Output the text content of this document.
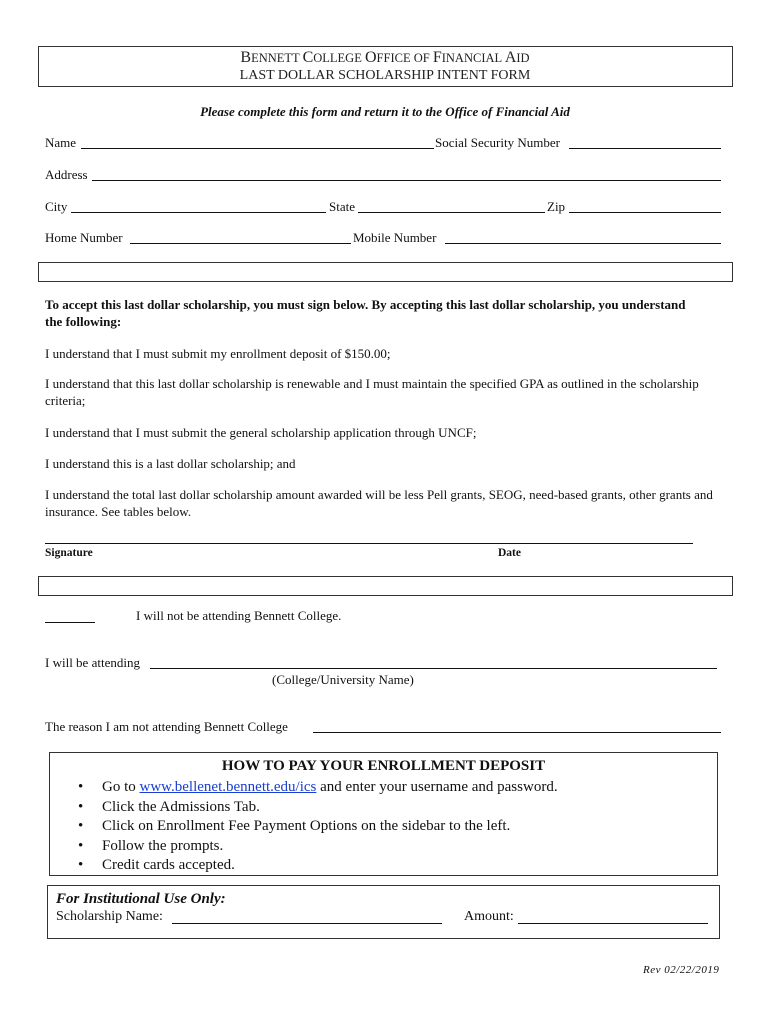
BENNETT COLLEGE OFFICE OF FINANCIAL AID
LAST DOLLAR SCHOLARSHIP INTENT FORM
Please complete this form and return it to the Office of Financial Aid
Name	Social Security Number
Address
City	State	Zip
Home Number	Mobile Number
To accept this last dollar scholarship, you must sign below. By accepting this last dollar scholarship, you understand the following:
I understand that I must submit my enrollment deposit of $150.00;
I understand that this last dollar scholarship is renewable and I must maintain the specified GPA as outlined in the scholarship criteria;
I understand that I must submit the general scholarship application through UNCF;
I understand this is a last dollar scholarship; and
I understand the total last dollar scholarship amount awarded will be less Pell grants, SEOG, need-based grants, other grants and insurance. See tables below.
Signature	Date
I will not be attending Bennett College.
I will be attending
(College/University Name)
The reason I am not attending Bennett College
HOW TO PAY YOUR ENROLLMENT DEPOSIT
• Go to www.bellenet.bennett.edu/ics and enter your username and password.
• Click the Admissions Tab.
• Click on Enrollment Fee Payment Options on the sidebar to the left.
• Follow the prompts.
• Credit cards accepted.
For Institutional Use Only:
Scholarship Name:	Amount:
Rev 02/22/2019
